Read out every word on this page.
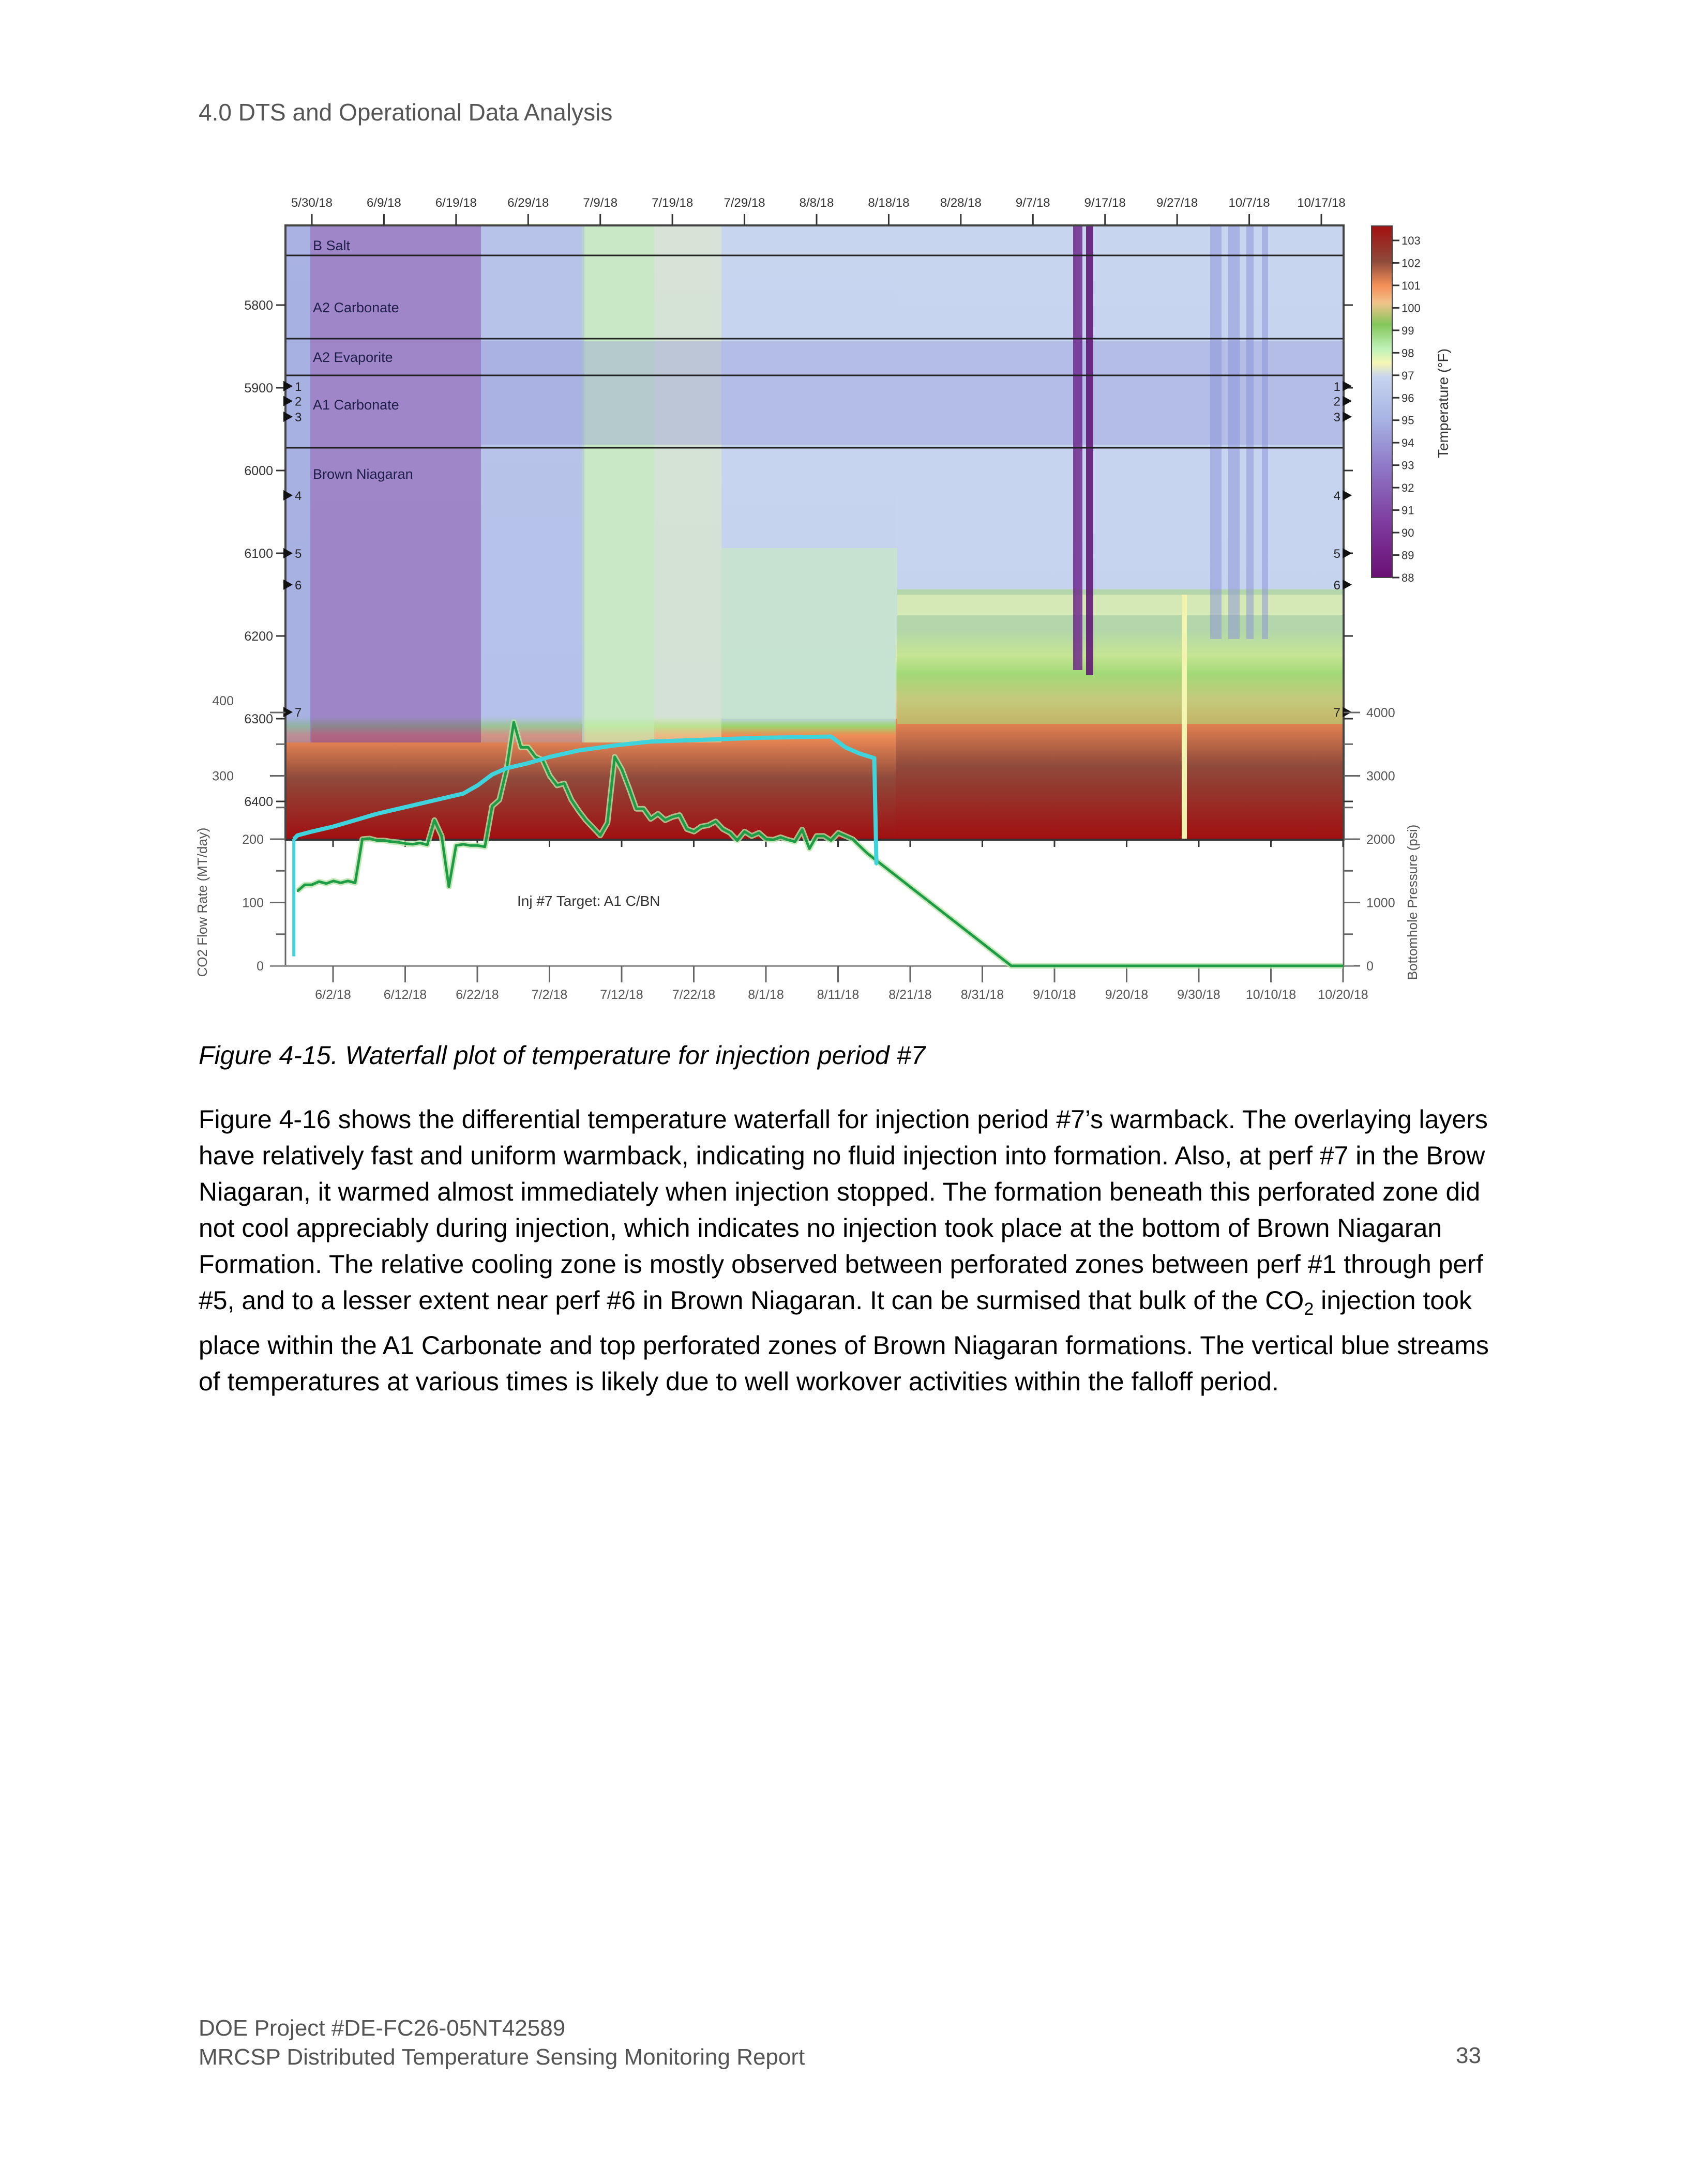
4.0 DTS and Operational Data Analysis
B Salt
A2 Carbonate
A2 Evaporite
A1 Carbonate
Brown Niagaran
5/30/18	6/9/18	6/19/18 6/29/18	7/9/18	7/19/18 7/29/18	8/8/18	8/18/18 8/28/18	9/7/18	9/17/18 9/27/18 10/7/18 10/17/18
5800
5900
6000
6100
6200
6300
6400
1
2
3
4
5
6
7
1
2
3
4
5
6
7
0
100
200
300
400
0
1000
2000
3000
4000
6/2/18	6/12/18 6/22/18	7/2/18	7/12/18 7/22/18	8/1/18	8/11/18 8/21/18 8/31/18 9/10/18 9/20/18 9/30/18 10/10/18 10/20/18
103
102
101
100
99
98
97
96
95
94
93
92
91
90
89
88
Temperature (°F)
CO2 Flow Rate (MT/day)	Bottomhole Pressure (psi)
Inj #7 Target: A1 C/BN
Figure 4-15. Waterfall plot of temperature for injection period #7

Figure 4-16 shows the differential temperature waterfall for injection period #7’s warmback. The overlaying layers have relatively fast and uniform warmback, indicating no fluid injection into formation. Also, at perf #7 in the Brow Niagaran, it warmed almost immediately when injection stopped. The formation beneath this perforated zone did not cool appreciably during injection, which indicates no injection took place at the bottom of Brown Niagaran Formation. The relative cooling zone is mostly observed between perforated zones between perf #1 through perf #5, and to a lesser extent near perf #6 in Brown Niagaran. It can be surmised that bulk of the $CO_2$ injection took place within the A1 Carbonate and top perforated zones of Brown Niagaran formations. The vertical blue streams of temperatures at various times is likely due to well workover activities within the falloff period.

DOE Project #DE-FC26-05NT42589
MRCSP Distributed Temperature Sensing Monitoring Report	33
